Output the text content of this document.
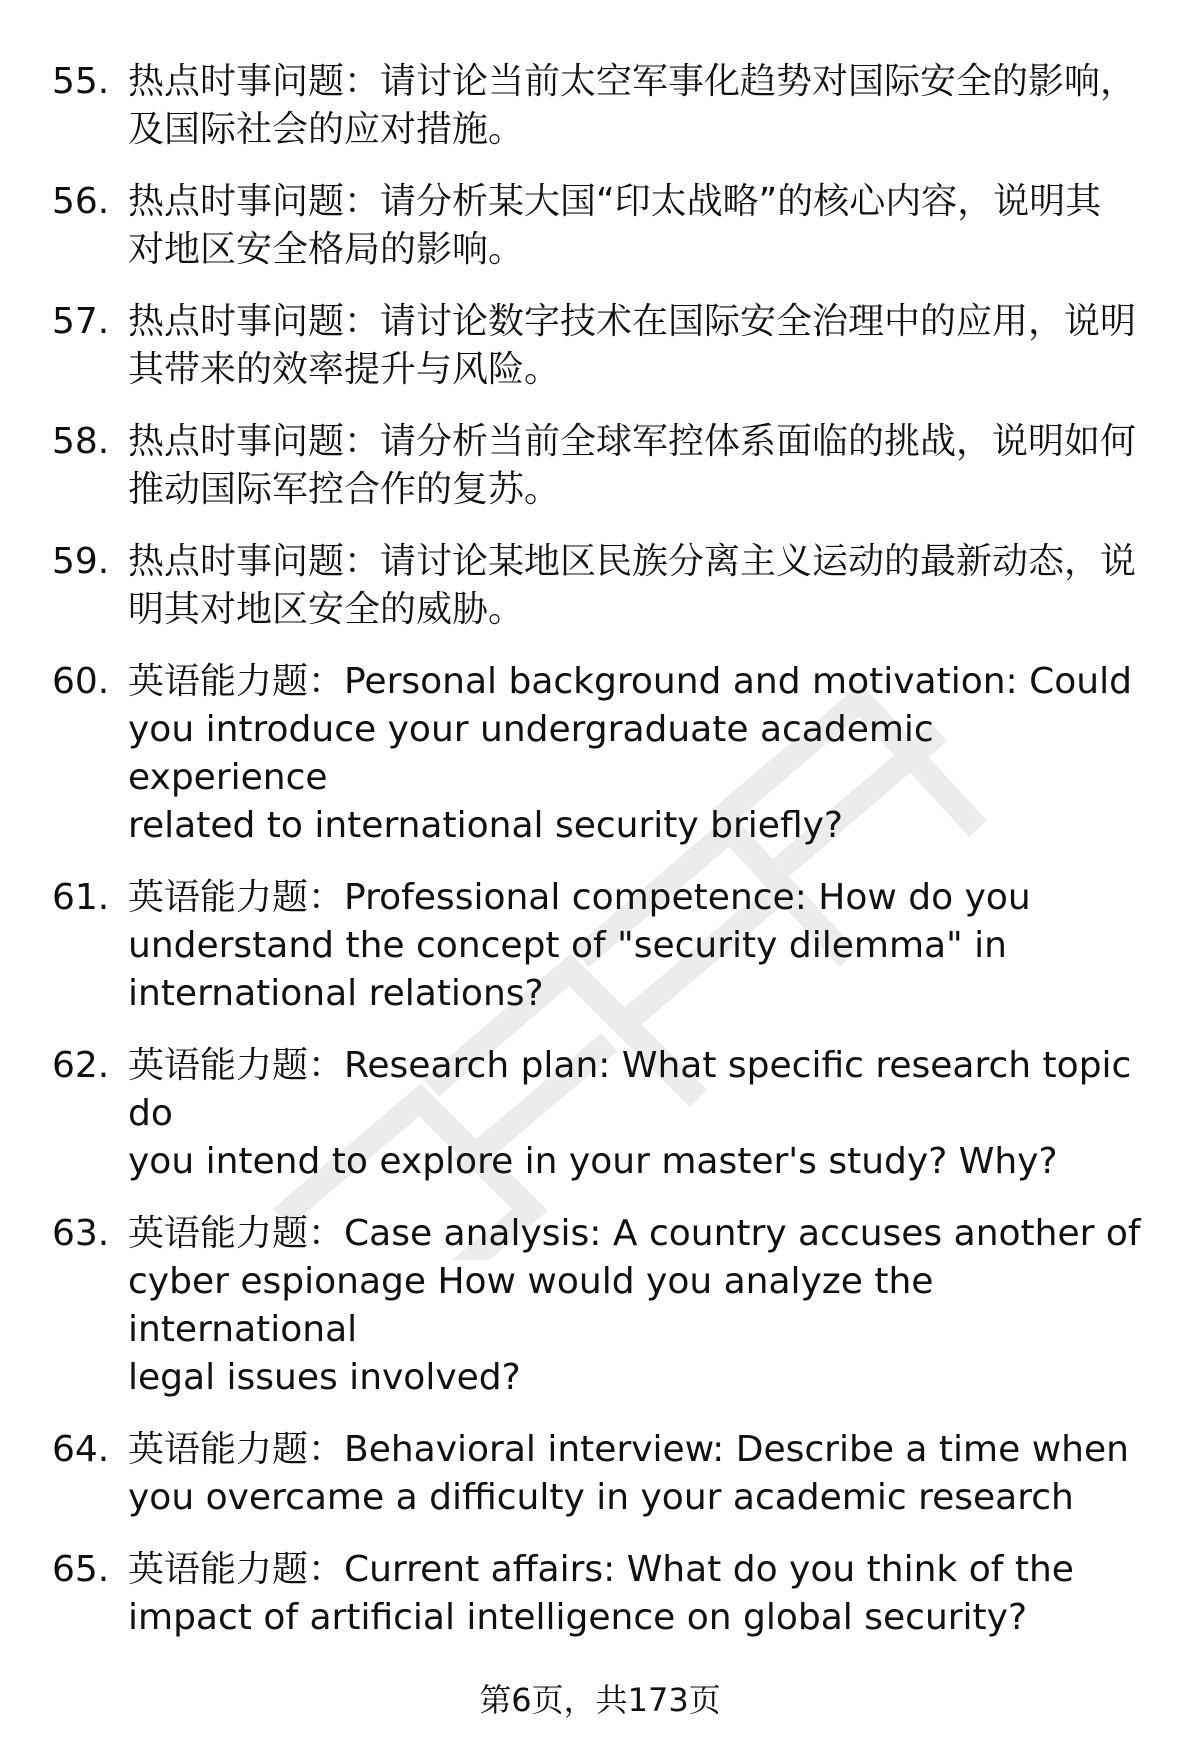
55. 热点时事问题：请讨论当前太空军事化趋势对国际安全的影响，
及国际社会的应对措施。
56. 热点时事问题：请分析某大国“印太战略”的核心内容，说明其
对地区安全格局的影响。
57. 热点时事问题：请讨论数字技术在国际安全治理中的应用，说明
其带来的效率提升与风险。
58. 热点时事问题：请分析当前全球军控体系面临的挑战，说明如何
推动国际军控合作的复苏。
59. 热点时事问题：请讨论某地区民族分离主义运动的最新动态，说
明其对地区安全的威胁。
60. 英语能力题：Personal background and motivation: Could
you introduce your undergraduate academic experience
related to international security briefly?
61. 英语能力题：Professional competence: How do you
understand the concept of "security dilemma" in
international relations?
62. 英语能力题：Research plan: What specific research topic do
you intend to explore in your master's study? Why?
63. 英语能力题：Case analysis: A country accuses another of
cyber espionage How would you analyze the international
legal issues involved?
64. 英语能力题：Behavioral interview: Describe a time when
you overcame a difficulty in your academic research
65. 英语能力题：Current affairs: What do you think of the
impact of artificial intelligence on global security?
第6页，共173页
